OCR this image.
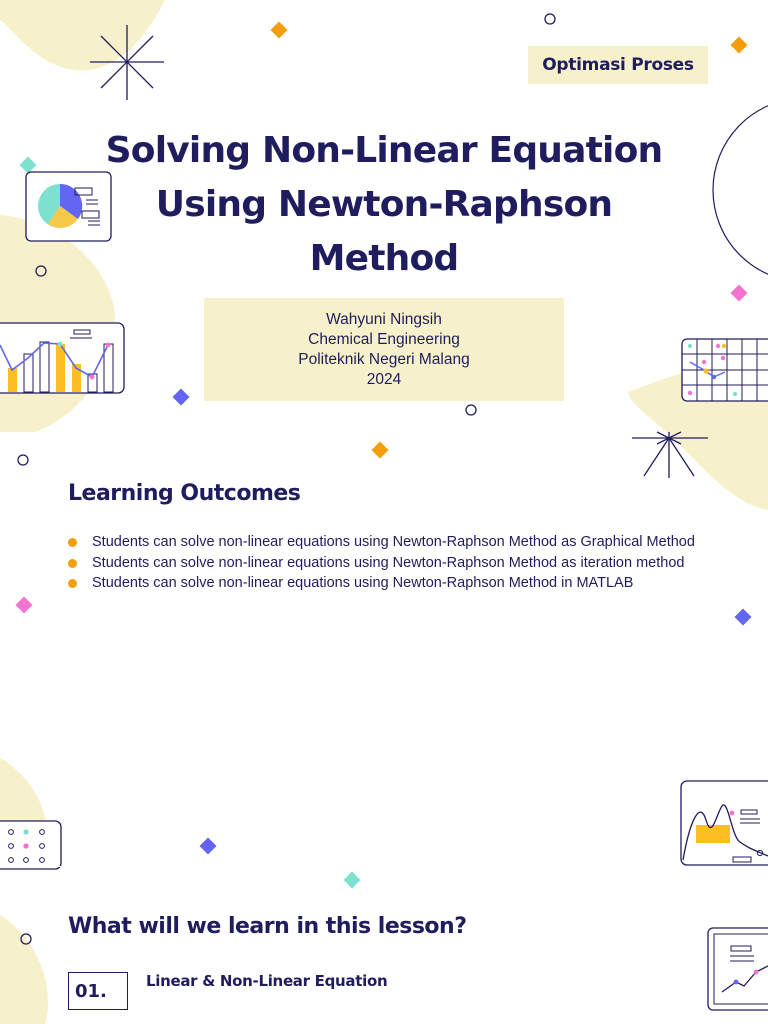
Optimasi Proses
Solving Non-Linear Equation
Using Newton-Raphson
Method
Wahyuni Ningsih
Chemical Engineering
Politeknik Negeri Malang
2024
Learning Outcomes
Students can solve non-linear equations using Newton-Raphson Method as Graphical Method
Students can solve non-linear equations using Newton-Raphson Method as iteration method
Students can solve non-linear equations using Newton-Raphson Method in MATLAB
What will we learn in this lesson?
01.	Linear & Non-Linear Equation
